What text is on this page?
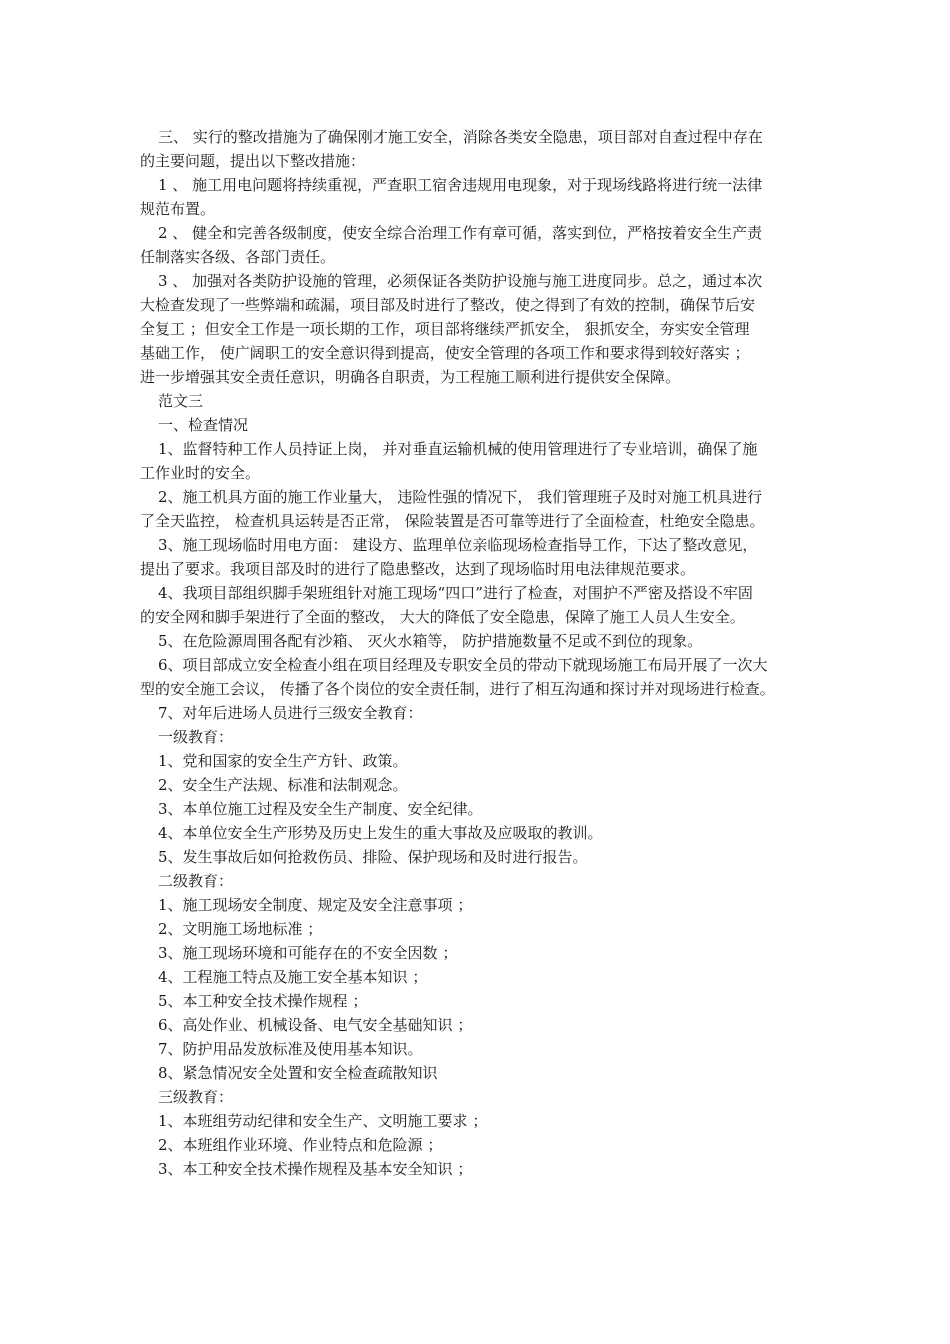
三、 实行的整改措施为了确保刚才施工安全，消除各类安全隐患，项目部对自查过程中存在

的主要问题，提出以下整改措施：

1 、 施工用电问题将持续重视，严查职工宿舍违规用电现象，对于现场线路将进行统一法律

规范布置。

2 、 健全和完善各级制度，使安全综合治理工作有章可循，落实到位，严格按着安全生产责

任制落实各级、各部门责任。

3 、 加强对各类防护设施的管理，必须保证各类防护设施与施工进度同步。总之，通过本次

大检查发现了一些弊端和疏漏，项目部及时进行了整改，使之得到了有效的控制，确保节后安

全复工 ；但安全工作是一项长期的工作，项目部将继续严抓安全， 狠抓安全，夯实安全管理

基础工作， 使广阔职工的安全意识得到提高，使安全管理的各项工作和要求得到较好落实 ；

进一步增强其安全责任意识，明确各自职责，为工程施工顺利进行提供安全保障。

范文三

一、检查情况

1、监督特种工作人员持证上岗， 并对垂直运输机械的使用管理进行了专业培训，确保了施

工作业时的安全。

2、施工机具方面的施工作业量大， 违险性强的情况下， 我们管理班子及时对施工机具进行

了全天监控， 检查机具运转是否正常， 保险装置是否可靠等进行了全面检查，杜绝安全隐患。

3、施工现场临时用电方面： 建设方、监理单位亲临现场检查指导工作，下达了整改意见，

提出了要求。我项目部及时的进行了隐患整改，达到了现场临时用电法律规范要求。

4、我项目部组织脚手架班组针对施工现场“四口”进行了检查，对围护不严密及搭设不牢固

的安全网和脚手架进行了全面的整改， 大大的降低了安全隐患，保障了施工人员人生安全。

5、在危险源周围各配有沙箱、 灭火水箱等， 防护措施数量不足或不到位的现象。

6、项目部成立安全检查小组在项目经理及专职安全员的带动下就现场施工布局开展了一次大

型的安全施工会议， 传播了各个岗位的安全责任制，进行了相互沟通和探讨并对现场进行检查。

7、对年后进场人员进行三级安全教育：

一级教育：

1、党和国家的安全生产方针、政策。

2、安全生产法规、标准和法制观念。

3、本单位施工过程及安全生产制度、安全纪律。

4、本单位安全生产形势及历史上发生的重大事故及应吸取的教训。

5、发生事故后如何抢救伤员、排险、保护现场和及时进行报告。

二级教育：

1、施工现场安全制度、规定及安全注意事项 ；

2、文明施工场地标准 ；

3、施工现场环境和可能存在的不安全因数 ；

4、工程施工特点及施工安全基本知识 ；

5、本工种安全技术操作规程 ；

6、高处作业、机械设备、电气安全基础知识 ；

7、防护用品发放标准及使用基本知识。

8、紧急情况安全处置和安全检查疏散知识

三级教育：

1、本班组劳动纪律和安全生产、文明施工要求 ；

2、本班组作业环境、作业特点和危险源 ；

3、本工种安全技术操作规程及基本安全知识 ；
